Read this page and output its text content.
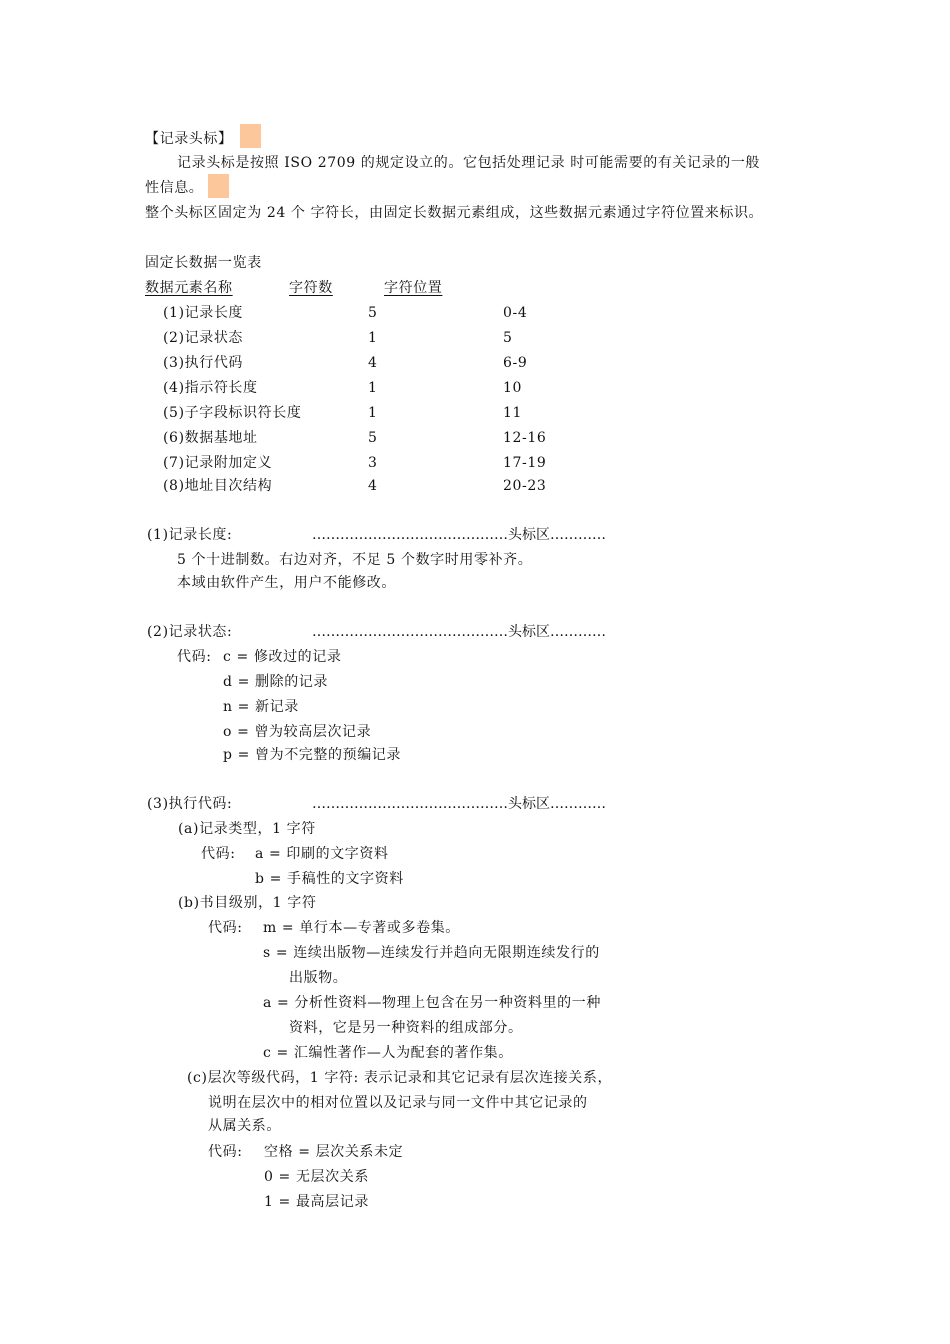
【记录头标】
记录头标是按照 ISO 2709 的规定设立的。它包括处理记录 时可能需要的有关记录的一般
性信息。
整个头标区固定为 24 个 字符长，由固定长数据元素组成，这些数据元素通过字符位置来标识。
固定长数据一览表
数据元素名称	字符数	字符位置
(1)记录长度	5	0-4
(2)记录状态	1	5
(3)执行代码	4	6-9
(4)指示符长度	1	10
(5)子字段标识符长度	1	11
(6)数据基地址	5	12-16
(7)记录附加定义	3	17-19
(8)地址目次结构	4	20-23
(1)记录长度:	……………………………………头标区…………
5 个十进制数。右边对齐，不足 5 个数字时用零补齐。
本域由软件产生，用户不能修改。
(2)记录状态:	……………………………………头标区…………
代码: c = 修改过的记录
d = 删除的记录
n = 新记录
o = 曾为较高层次记录
p = 曾为不完整的预编记录
(3)执行代码:	……………………………………头标区…………
(a)记录类型，1 字符
代码: a = 印刷的文字资料
b = 手稿性的文字资料
(b)书目级别，1 字符
代码: m = 单行本—专著或多卷集。
s = 连续出版物—连续发行并趋向无限期连续发行的
出版物。
a = 分析性资料—物理上包含在另一种资料里的一种
资料，它是另一种资料的组成部分。
c = 汇编性著作—人为配套的著作集。
(c)层次等级代码，1 字符: 表示记录和其它记录有层次连接关系，
说明在层次中的相对位置以及记录与同一文件中其它记录的
从属关系。
代码: 空格 = 层次关系未定
0 = 无层次关系
1 = 最高层记录
